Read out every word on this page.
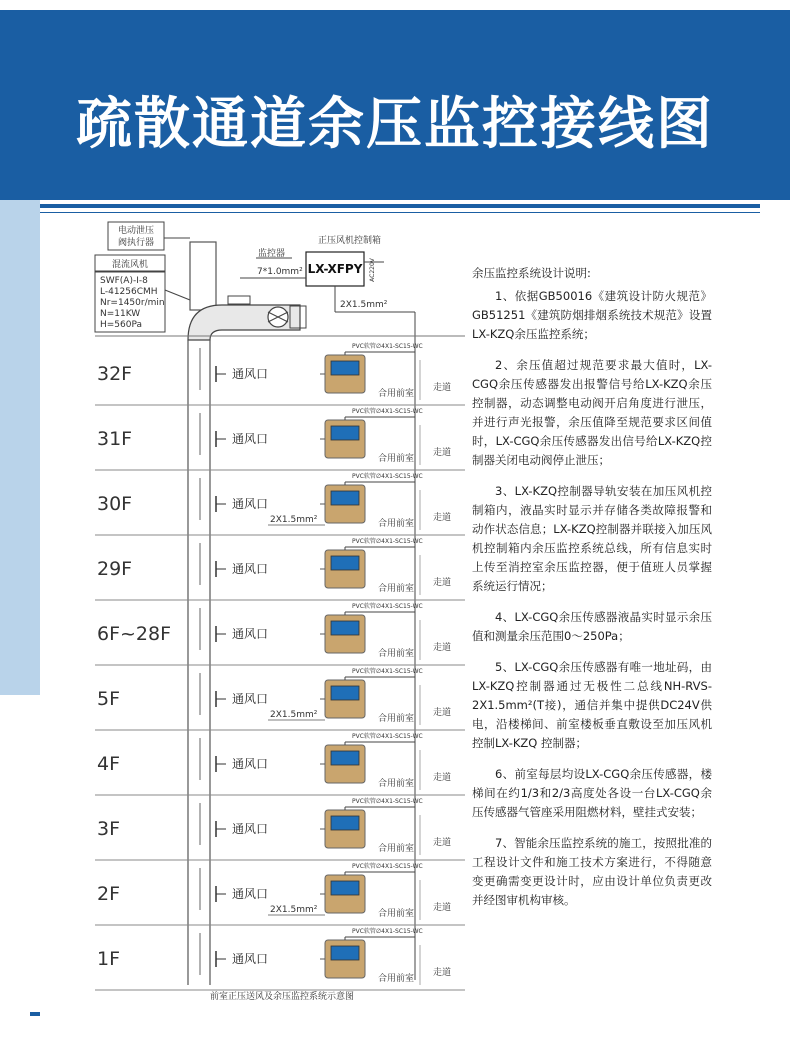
疏散通道余压监控接线图
电动泄压
阀执行器
混流风机
SWF(A)-I-8
L-41256CMH
Nr=1450r/min
N=11KW
H=560Pa
监控器
正压风机控制箱
LX-XFPY AC220V
7*1.0mm²
2X1.5mm²
前室正压送风及余压监控系统示意图
32F	通风口
PVC软管∅4X1-SC15-WC
合用前室
走道
31F	通风口
PVC软管∅4X1-SC15-WC
合用前室
走道
30F	通风口
PVC软管∅4X1-SC15-WC
合用前室
走道
2X1.5mm²
29F	通风口
PVC软管∅4X1-SC15-WC
合用前室
走道
6F~28F	通风口
PVC软管∅4X1-SC15-WC
合用前室
走道
5F	通风口
PVC软管∅4X1-SC15-WC
合用前室
走道
2X1.5mm²
4F	通风口
PVC软管∅4X1-SC15-WC
合用前室
走道
3F	通风口
PVC软管∅4X1-SC15-WC
合用前室
走道
2F	通风口
PVC软管∅4X1-SC15-WC
合用前室
走道
2X1.5mm²
1F	通风口
PVC软管∅4X1-SC15-WC
合用前室
走道
余压监控系统设计说明:

1、依据GB50016《建筑设计防火规范》GB51251《建筑防烟排烟系统技术规范》设置LX-KZQ余压监控系统；

2、余压值超过规范要求最大值时，LX-CGQ余压传感器发出报警信号给LX-KZQ余压控制器，动态调整电动阀开启角度进行泄压，并进行声光报警，余压值降至规范要求区间值时，LX-CGQ余压传感器发出信号给LX-KZQ控制器关闭电动阀停止泄压；

3、LX-KZQ控制器导轨安装在加压风机控制箱内，液晶实时显示并存储各类故障报警和动作状态信息；LX-KZQ控制器并联接入加压风机控制箱内余压监控系统总线，所有信息实时上传至消控室余压监控器，便于值班人员掌握系统运行情况；

4、LX-CGQ余压传感器液晶实时显示余压值和测量余压范围0～250Pa；

5、LX-CGQ余压传感器有唯一地址码，由LX-KZQ控制器通过无极性二总线NH-RVS-2X1.5mm²(T接)，通信并集中提供DC24V供电，沿楼梯间、前室楼板垂直敷设至加压风机控制LX-KZQ 控制器；

6、前室每层均设LX-CGQ余压传感器，楼梯间在约1/3和2/3高度处各设一台LX-CGQ余压传感器气管座采用阻燃材料，壁挂式安装；

7、智能余压监控系统的施工，按照批准的工程设计文件和施工技术方案进行，不得随意变更确需变更设计时，应由设计单位负责更改并经图审机构审核。
